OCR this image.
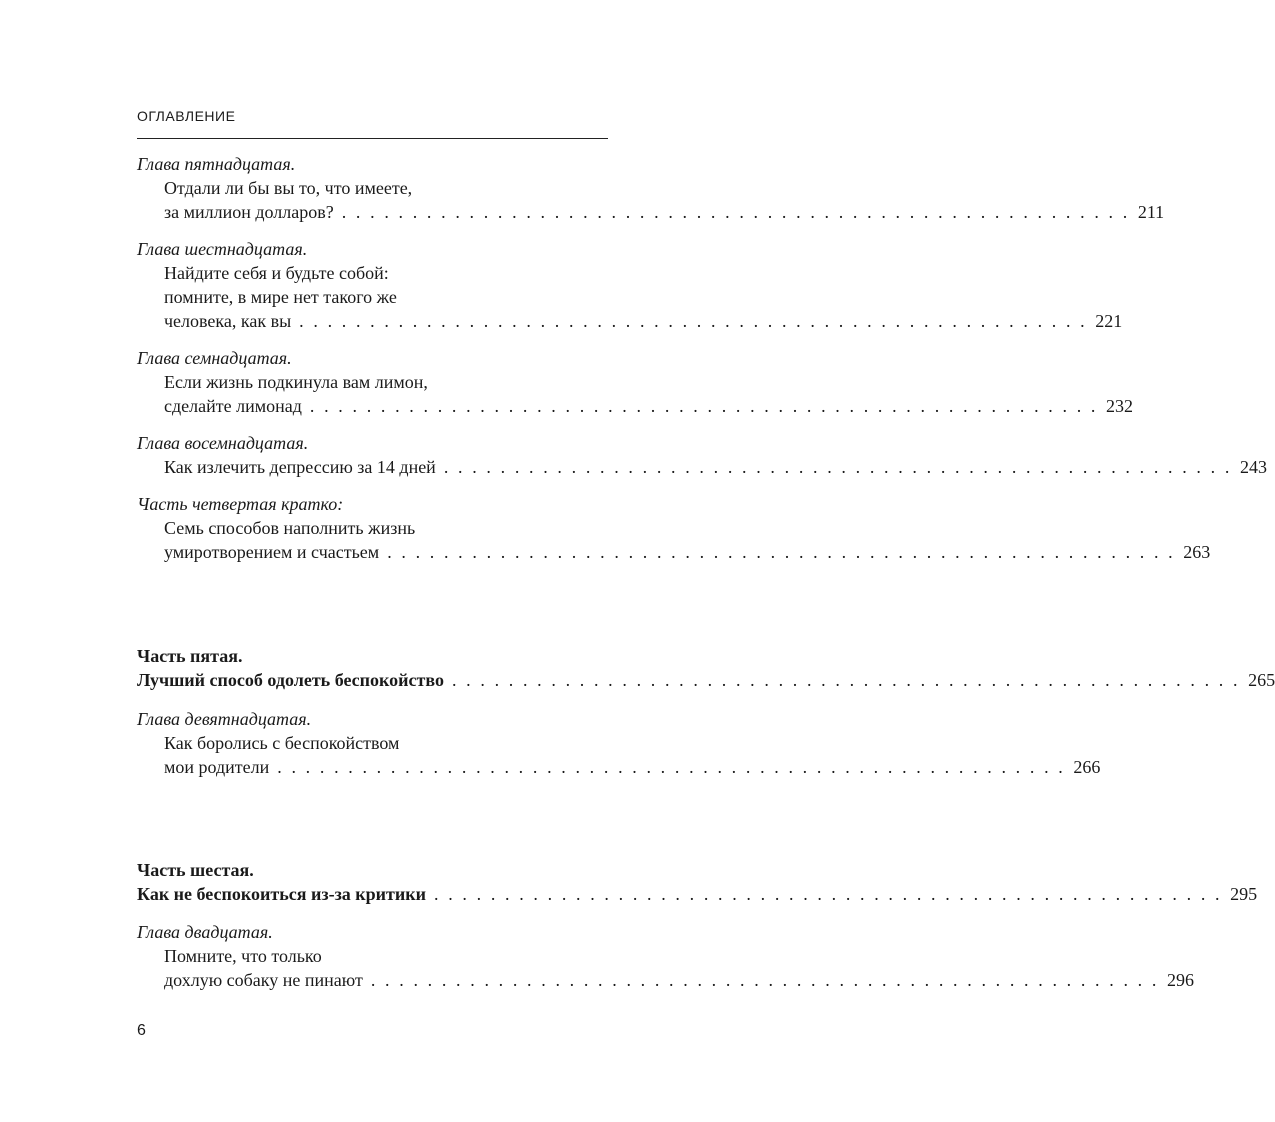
ОГЛАВЛЕНИЕ
Глава пятнадцатая.
Отдали ли бы вы то, что имеете,
за миллион долларов? . . . . . . . . . . . . . . . . . . . . . . . . . . . . . . . . . . . . . . . . . . . . . . . . . . . . . . . . 211
Глава шестнадцатая.
Найдите себя и будьте собой:
помните, в мире нет такого же
человека, как вы . . . . . . . . . . . . . . . . . . . . . . . . . . . . . . . . . . . . . . . . . . . . . . . . . . . . . . . . 221
Глава семнадцатая.
Если жизнь подкинула вам лимон,
сделайте лимонад . . . . . . . . . . . . . . . . . . . . . . . . . . . . . . . . . . . . . . . . . . . . . . . . . . . . . . . . 232
Глава восемнадцатая.
Как излечить депрессию за 14 дней . . . . . . . . . . . . . . . . . . . . . . . . . . . . . . . . . . . . . . . . . . . . . . . . . . . . . . . . 243
Часть четвертая кратко:
Семь способов наполнить жизнь
умиротворением и счастьем . . . . . . . . . . . . . . . . . . . . . . . . . . . . . . . . . . . . . . . . . . . . . . . . . . . . . . . . 263
Часть пятая.
Лучший способ одолеть беспокойство . . . . . . . . . . . . . . . . . . . . . . . . . . . . . . . . . . . . . . . . . . . . . . . . . . . . . . . . 265
Глава девятнадцатая.
Как боролись с беспокойством
мои родители . . . . . . . . . . . . . . . . . . . . . . . . . . . . . . . . . . . . . . . . . . . . . . . . . . . . . . . . 266
Часть шестая.
Как не беспокоиться из-за критики . . . . . . . . . . . . . . . . . . . . . . . . . . . . . . . . . . . . . . . . . . . . . . . . . . . . . . . . 295
Глава двадцатая.
Помните, что только
дохлую собаку не пинают . . . . . . . . . . . . . . . . . . . . . . . . . . . . . . . . . . . . . . . . . . . . . . . . . . . . . . . . 296
6
